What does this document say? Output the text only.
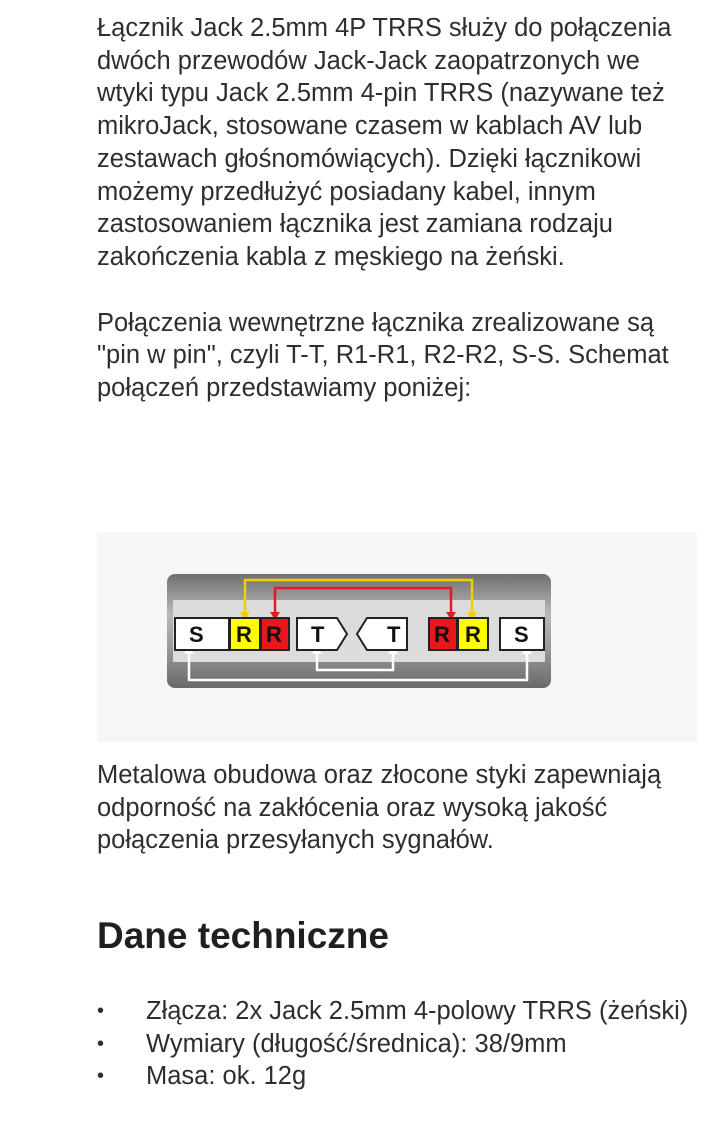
Łącznik Jack 2.5mm 4P TRRS służy do połączenia dwóch przewodów Jack-Jack zaopatrzonych we wtyki typu Jack 2.5mm 4-pin TRRS (nazywane też mikroJack, stosowane czasem w kablach AV lub zestawach głośnomówiących). Dzięki łącznikowi możemy przedłużyć posiadany kabel, innym zastosowaniem łącznika jest zamiana rodzaju zakończenia kabla z męskiego na żeński.

Połączenia wewnętrzne łącznika zrealizowane są "pin w pin", czyli T-T, R1-R1, R2-R2, S-S. Schemat połączeń przedstawiamy poniżej:

S R R T	T R R S

Metalowa obudowa oraz złocone styki zapewniają odporność na zakłócenia oraz wysoką jakość połączenia przesyłanych sygnałów.

Dane techniczne
• Złącza: 2x Jack 2.5mm 4-polowy TRRS (żeński)
• Wymiary (długość/średnica): 38/9mm
• Masa: ok. 12g
